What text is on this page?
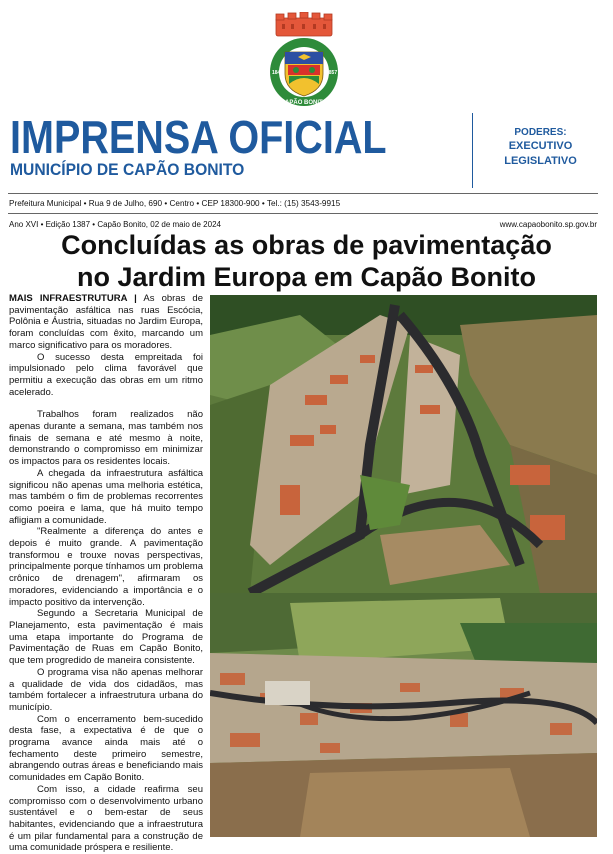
CAPÃO BONITO
1843	1857
IMPRENSA OFICIAL
MUNICÍPIO DE CAPÃO BONITO
PODERES:
EXECUTIVO
LEGISLATIVO
Prefeitura Municipal • Rua 9 de Julho, 690 • Centro • CEP 18300-900 • Tel.: (15) 3543-9915
Ano XVI • Edição 1387 • Capão Bonito, 02 de maio de 2024	www.capaobonito.sp.gov.br
Concluídas as obras de pavimentação
no Jardim Europa em Capão Bonito

MAIS INFRAESTRUTURA | As obras de pavimentação asfáltica nas ruas Escócia, Polônia e Áustria, situadas no Jardim Europa, foram concluídas com êxito, marcando um marco significativo para os moradores.

O sucesso desta empreitada foi impulsionado pelo clima favorável que permitiu a execução das obras em um ritmo acelerado.

Trabalhos foram realizados não apenas durante a semana, mas também nos finais de semana e até mesmo à noite, demonstrando o compromisso em minimizar os impactos para os residentes locais.

A chegada da infraestrutura asfáltica significou não apenas uma melhoria estética, mas também o fim de problemas recorrentes como poeira e lama, que há muito tempo afligiam a comunidade.

"Realmente a diferença do antes e depois é muito grande. A pavimentação transformou e trouxe novas perspectivas, principalmente porque tínhamos um problema crônico de drenagem", afirmaram os moradores, evidenciando a importância e o impacto positivo da intervenção.

Segundo a Secretaria Municipal de Planejamento, esta pavimentação é mais uma etapa importante do Programa de Pavimentação de Ruas em Capão Bonito, que tem progredido de maneira consistente.

O programa visa não apenas melhorar a qualidade de vida dos cidadãos, mas também fortalecer a infraestrutura urbana do município.

Com o encerramento bem-sucedido desta fase, a expectativa é de que o programa avance ainda mais até o fechamento deste primeiro semestre, abrangendo outras áreas e beneficiando mais comunidades em Capão Bonito.

Com isso, a cidade reafirma seu compromisso com o desenvolvimento urbano sustentável e o bem-estar de seus habitantes, evidenciando que a infraestrutura é um pilar fundamental para a construção de uma comunidade próspera e resiliente.
